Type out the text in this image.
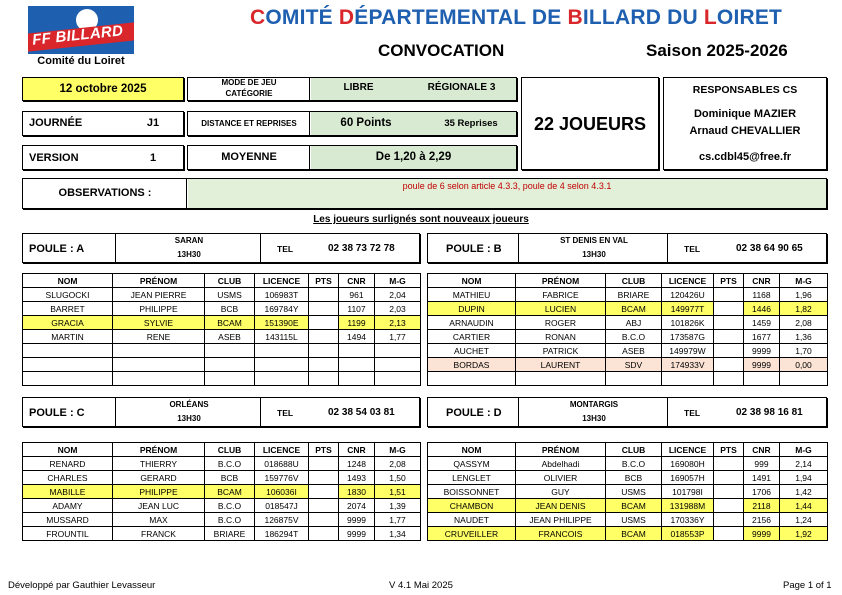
FF BILLARD
Comité du Loiret
COMITÉ DÉPARTEMENTAL DE BILLARD DU LOIRET
CONVOCATION	Saison 2025-2026
12 octobre 2025
MODE DE JEU
CATÉGORIE
LIBRE	RÉGIONALE 3
JOURNÉE	J1	DISTANCE ET REPRISES	60 Points	35 Reprises
VERSION	1	MOYENNE	De 1,20 à 2,29
22 JOUEURS
RESPONSABLES CS
Dominique MAZIER
Arnaud CHEVALLIER
cs.cdbl45@free.fr
OBSERVATIONS :
poule de 6 selon article 4.3.3, poule de 4 selon 4.3.1
Les joueurs surlignés sont nouveaux joueurs
POULE : A
SARAN
13H30
TEL	02 38 73 72 78	POULE : B
ST DENIS EN VAL
13H30
TEL	02 38 64 90 65
POULE : C
ORLÉANS
13H30
TEL	02 38 54 03 81	POULE : D
MONTARGIS
13H30
TEL	02 38 98 16 81
NOM	PRÉNOM	CLUB	LICENCE	PTS	CNR	M-G
SLUGOCKI	JEAN PIERRE	USMS	106983T		961	2,04
BARRET	PHILIPPE	BCB	169784Y		1107	2,03
GRACIA	SYLVIE	BCAM	151390E		1199	2,13
MARTIN	RENE	ASEB	143115L		1494	1,77

NOM	PRÉNOM	CLUB	LICENCE	PTS	CNR	M-G
MATHIEU	FABRICE	BRIARE	120426U		1168	1,96
DUPIN	LUCIEN	BCAM	149977T		1446	1,82
ARNAUDIN	ROGER	ABJ	101826K		1459	2,08
CARTIER	RONAN	B.C.O	173587G		1677	1,36
AUCHET	PATRICK	ASEB	149979W		9999	1,70
BORDAS	LAURENT	SDV	174933V		9999	0,00

NOM	PRÉNOM	CLUB	LICENCE	PTS	CNR	M-G
RENARD	THIERRY	B.C.O	018688U		1248	2,08
CHARLES	GERARD	BCB	159776V		1493	1,50
MABILLE	PHILIPPE	BCAM	106036I		1830	1,51
ADAMY	JEAN LUC	B.C.O	018547J		2074	1,39
MUSSARD	MAX	B.C.O	126875V		9999	1,77
FROUNTIL	FRANCK	BRIARE	186294T		9999	1,34
NOM	PRÉNOM	CLUB	LICENCE	PTS	CNR	M-G
QASSYM	Abdelhadi	B.C.O	169080H		999	2,14
LENGLET	OLIVIER	BCB	169057H		1491	1,94
BOISSONNET	GUY	USMS	101798I		1706	1,42
CHAMBON	JEAN DENIS	BCAM	131988M		2118	1,44
NAUDET	JEAN PHILIPPE	USMS	170336Y		2156	1,24
CRUVEILLER	FRANCOIS	BCAM	018553P		9999	1,92
Développé par Gauthier Levasseur	V 4.1 Mai 2025	Page 1 of 1
